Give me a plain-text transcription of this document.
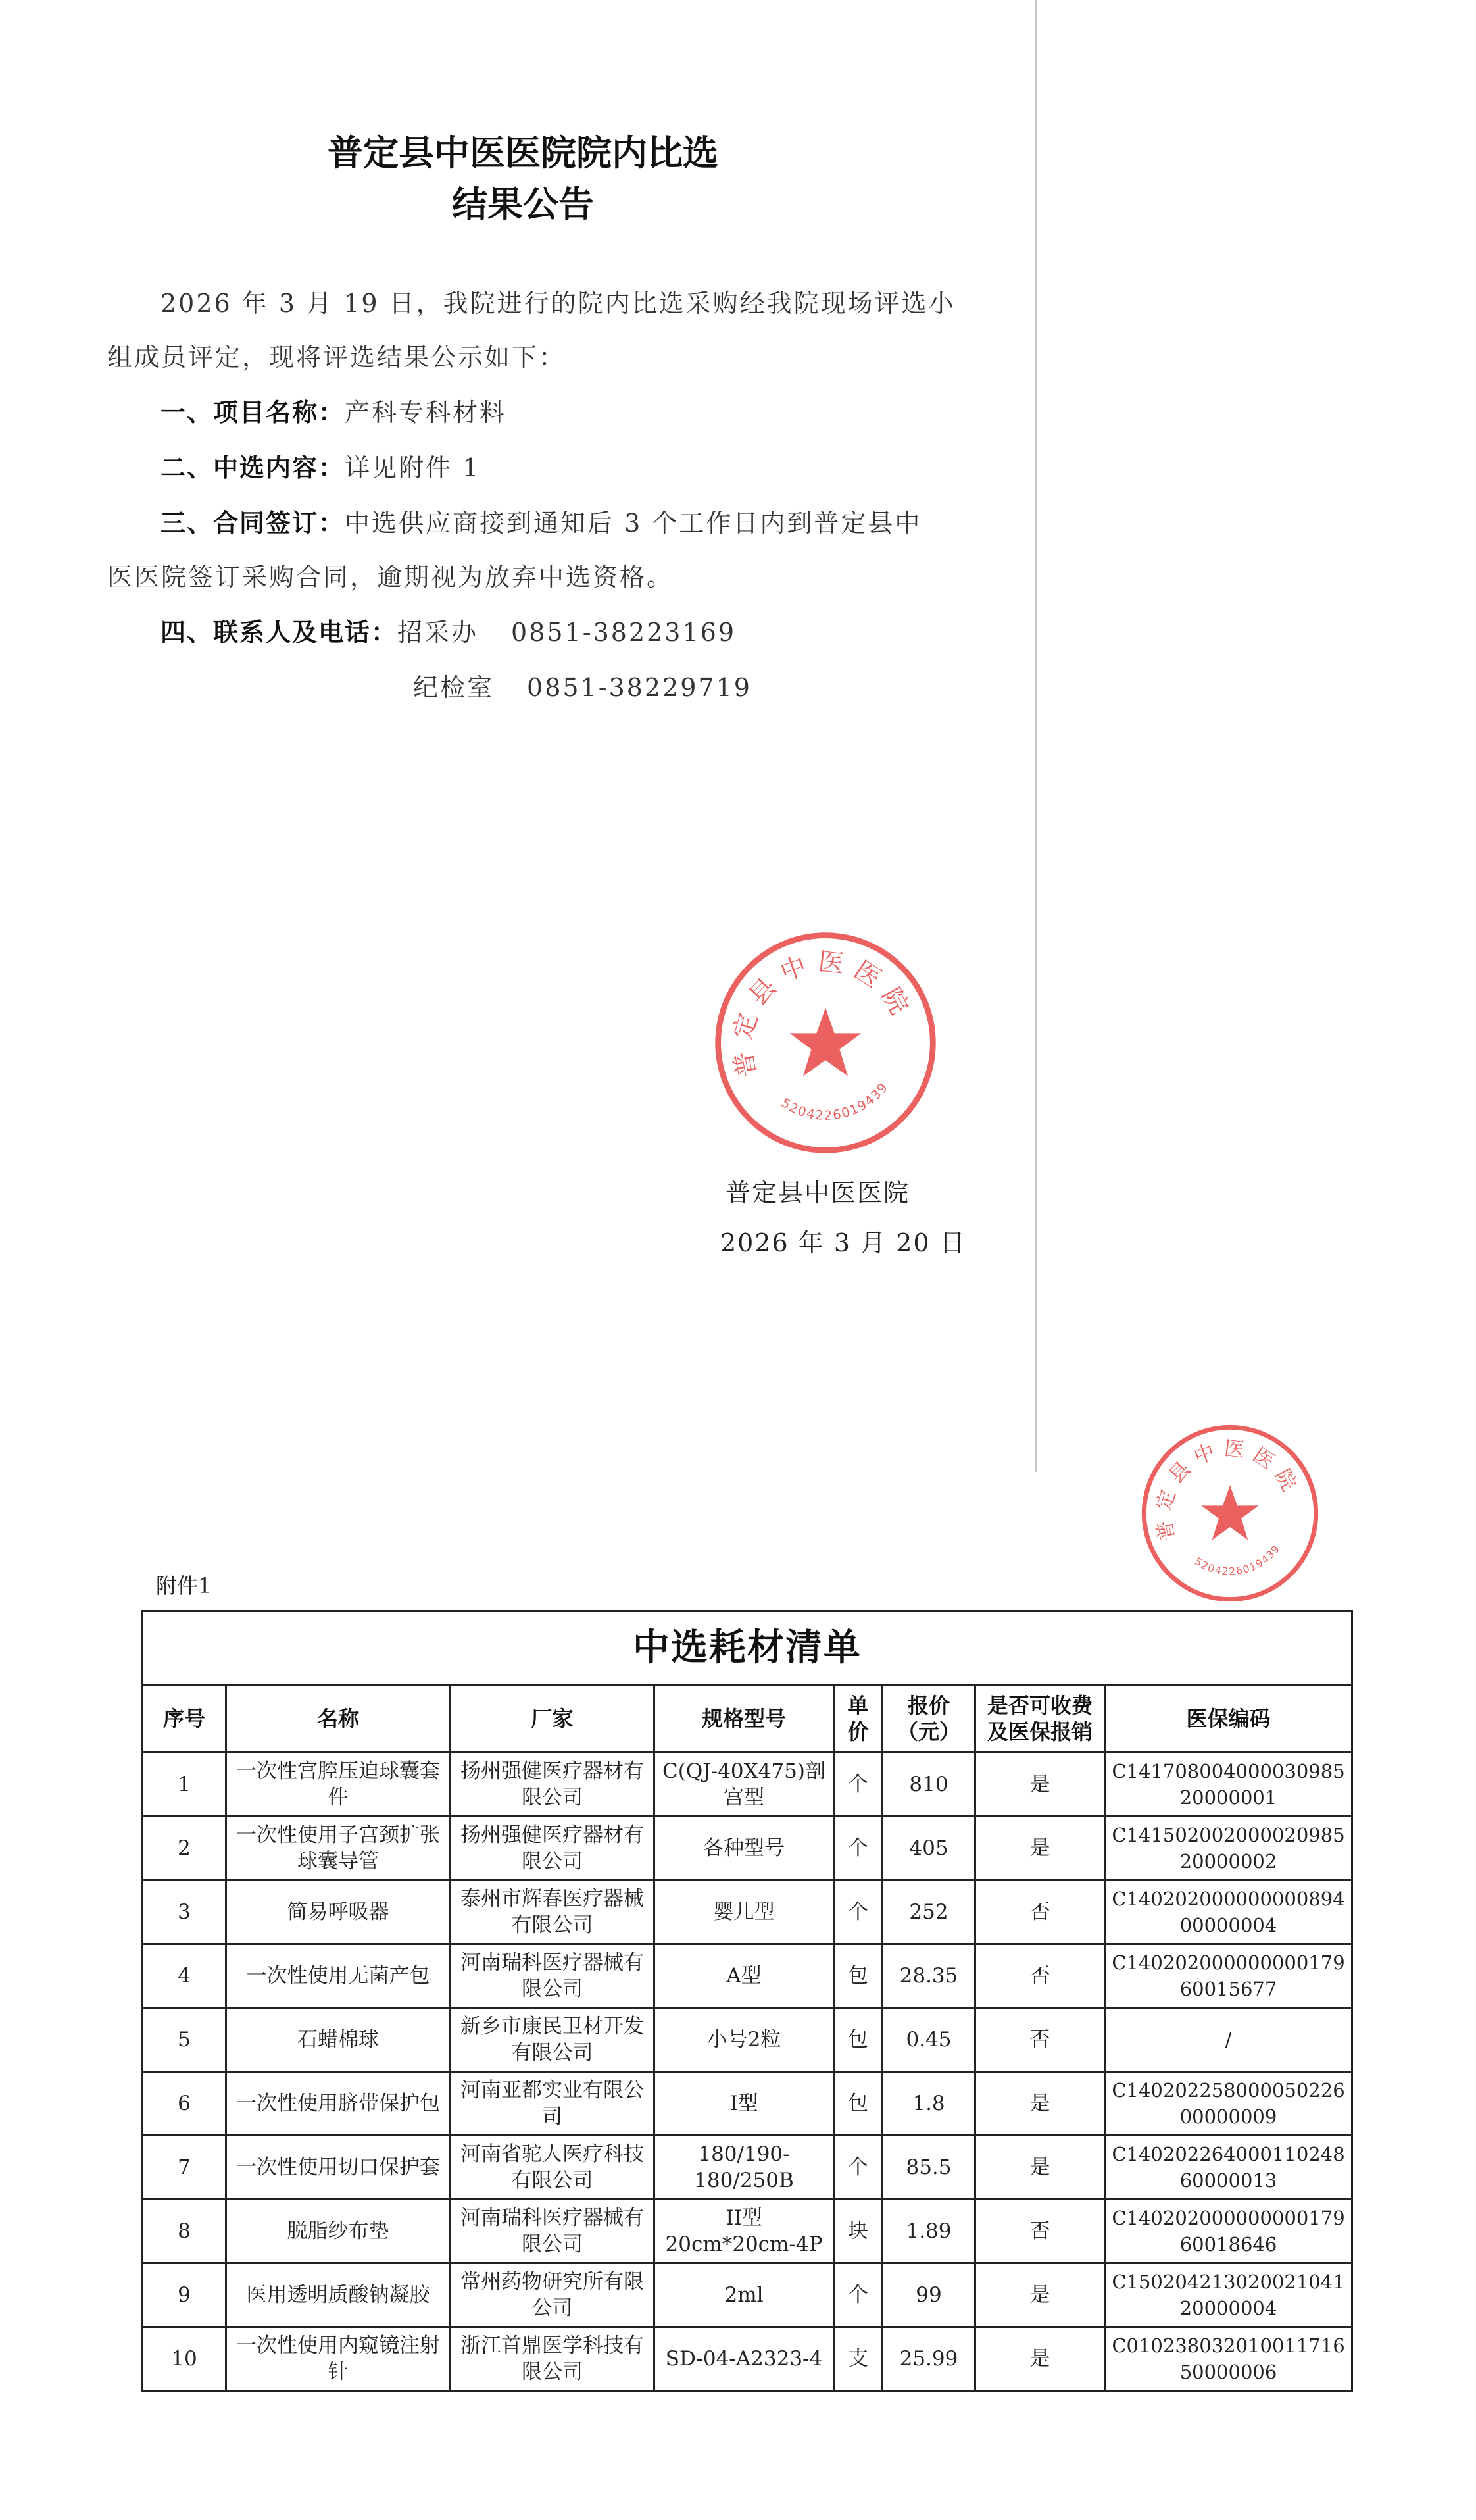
普定县中医医院院内比选
结果公告
2026 年 3 月 19 日，我院进行的院内比选采购经我院现场评选小
组成员评定，现将评选结果公示如下：
一、项目名称：产科专科材料
二、中选内容：详见附件 1
三、合同签订：中选供应商接到通知后 3 个工作日内到普定县中
医医院签订采购合同，逾期视为放弃中选资格。
四、联系人及电话：招采办 0851-38223169
纪检室 0851-38229719
普定县中医医院
5204226019439
普定县中医医院
2026 年 3 月 20 日
附件1
中选耗材清单							
序号	名称	厂家	规格型号	单价	报价（元）	是否可收费及医保报销	医保编码
1	一次性宫腔压迫球囊套件	扬州强健医疗器材有限公司	C(QJ-40X475)剖宫型	个	810	是	C14170800400003098520000001
2	一次性使用子宫颈扩张球囊导管	扬州强健医疗器材有限公司	各种型号	个	405	是	C14150200200002098520000002
3	简易呼吸器	泰州市辉春医疗器械有限公司	婴儿型	个	252	否	C14020200000000089400000004
4	一次性使用无菌产包	河南瑞科医疗器械有限公司	A型	包	28.35	否	C14020200000000017960015677
5	石蜡棉球	新乡市康民卫材开发有限公司	小号2粒	包	0.45	否	/
6	一次性使用脐带保护包	河南亚都实业有限公司	I型	包	1.8	是	C14020225800005022600000009
7	一次性使用切口保护套	河南省驼人医疗科技有限公司	180/190-180/250B	个	85.5	是	C14020226400011024860000013
8	脱脂纱布垫	河南瑞科医疗器械有限公司	II型 20cm*20cm-4P	块	1.89	否	C14020200000000017960018646
9	医用透明质酸钠凝胶	常州药物研究所有限公司	2ml	个	99	是	C15020421302002104120000004
10	一次性使用内窥镜注射针	浙江首鼎医学科技有限公司	SD-04-A2323-4	支	25.99	是	C01023803201001171650000006
普定县中医医院
5204226019439
